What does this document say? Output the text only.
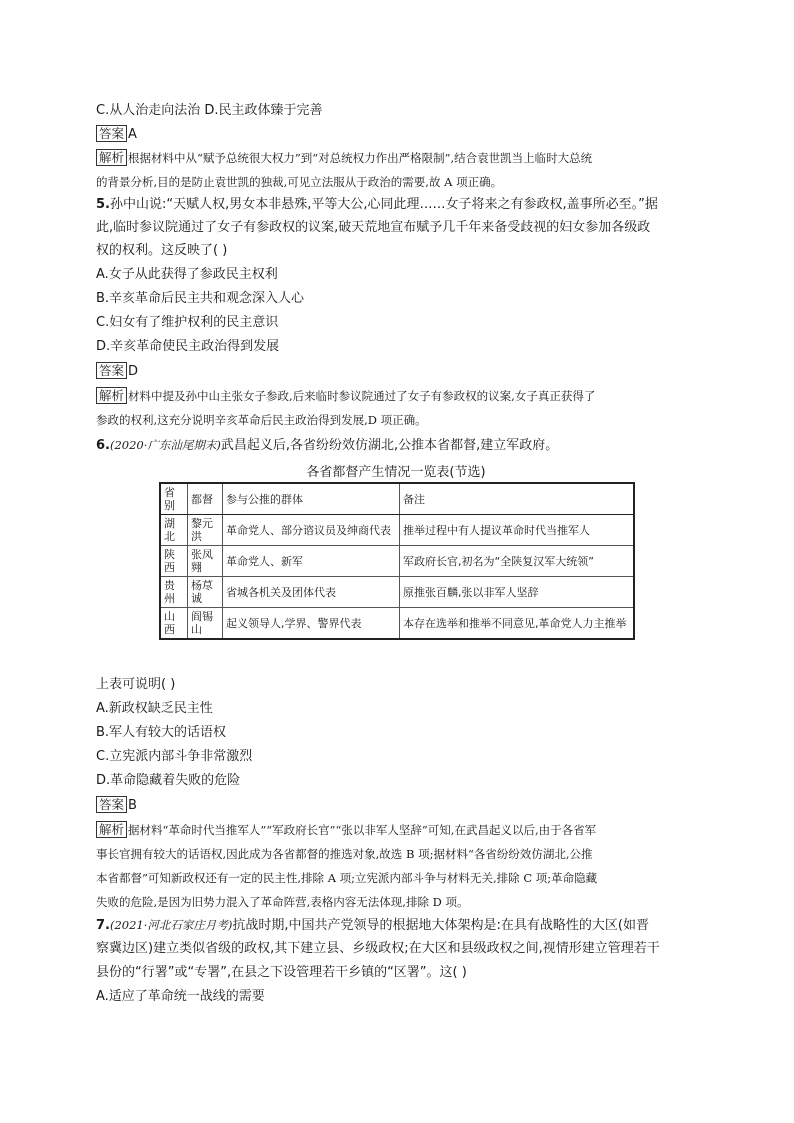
C.从人治走向法治 D.民主政体臻于完善
答案 A
解析 根据材料中从“赋予总统很大权力”到“对总统权力作出严格限制”,结合袁世凯当上临时大总统
的背景分析,目的是防止袁世凯的独裁,可见立法服从于政治的需要,故 A 项正确。
5.孙中山说:“天赋人权,男女本非悬殊,平等大公,心同此理……女子将来之有参政权,盖事所必至。”据
此,临时参议院通过了女子有参政权的议案,破天荒地宣布赋予几千年来备受歧视的妇女参加各级政
权的权利。这反映了( )
A.女子从此获得了参政民主权利
B.辛亥革命后民主共和观念深入人心
C.妇女有了维护权利的民主意识
D.辛亥革命使民主政治得到发展
答案 D
解析 材料中提及孙中山主张女子参政,后来临时参议院通过了女子有参政权的议案,女子真正获得了
参政的权利,这充分说明辛亥革命后民主政治得到发展,D 项正确。
6.(2020·广东汕尾期末)武昌起义后,各省纷纷效仿湖北,公推本省都督,建立军政府。
各省都督产生情况一览表(节选)
省别	都督	参与公推的群体	备注
湖北	黎元洪	革命党人、部分谘议员及绅商代表	推举过程中有人提议革命时代当推军人
陕西	张凤翙	革命党人、新军	军政府长官,初名为“全陕复汉军大统领”
贵州	杨荩诚	省城各机关及团体代表	原推张百麟,张以非军人坚辞
山西	阎锡山	起义领导人,学界、警界代表	本存在选举和推举不同意见,革命党人力主推举
上表可说明( )
A.新政权缺乏民主性
B.军人有较大的话语权
C.立宪派内部斗争非常激烈
D.革命隐藏着失败的危险
答案 B
解析 据材料“革命时代当推军人”“军政府长官”“张以非军人坚辞”可知,在武昌起义以后,由于各省军
事长官拥有较大的话语权,因此成为各省都督的推选对象,故选 B 项;据材料“各省纷纷效仿湖北,公推
本省都督”可知新政权还有一定的民主性,排除 A 项;立宪派内部斗争与材料无关,排除 C 项;革命隐藏
失败的危险,是因为旧势力混入了革命阵营,表格内容无法体现,排除 D 项。
7.(2021·河北石家庄月考)抗战时期,中国共产党领导的根据地大体架构是:在具有战略性的大区(如晋
察冀边区)建立类似省级的政权,其下建立县、乡级政权;在大区和县级政权之间,视情形建立管理若干
县份的“行署”或“专署”,在县之下设管理若干乡镇的“区署”。这( )
A.适应了革命统一战线的需要
